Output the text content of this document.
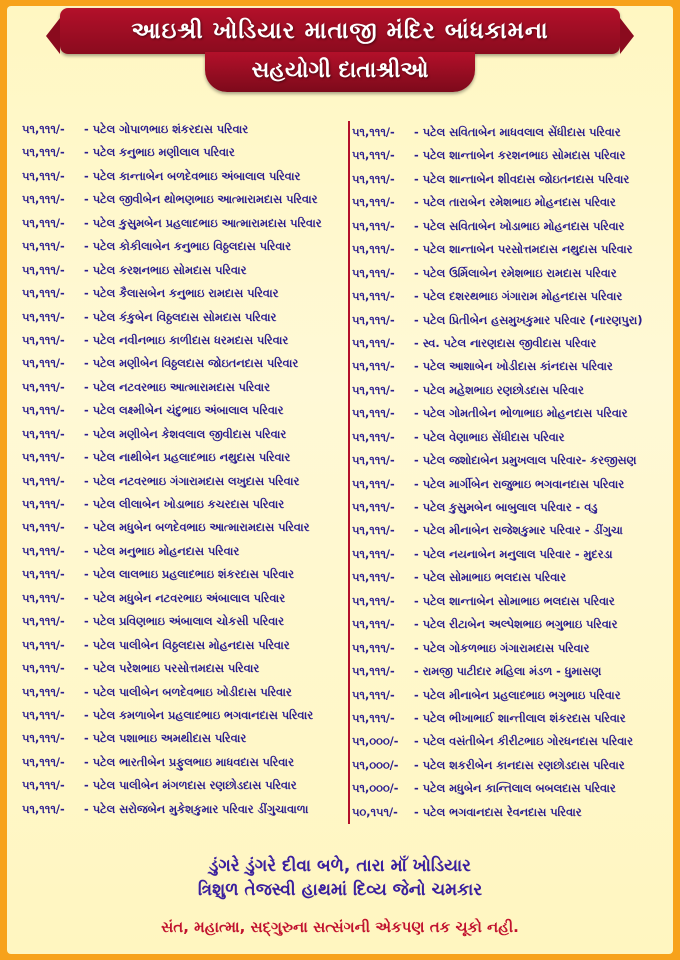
આઇશ્રી ખોડિયાર માતાજી મંદિર બાંધકામના
સહયોગી દાતાશ્રીઓ
૫૧,૧૧૧/- - પટેલ ગોપાળભાઇ શંકરદાસ પરિવાર
૫૧,૧૧૧/- - પટેલ કનુભાઇ મણીલાલ પરિવાર
૫૧,૧૧૧/- - પટેલ કાન્તાબેન બળદેવભાઇ અંબાલાલ પરિવાર
૫૧,૧૧૧/- - પટેલ જીવીબેન થોભણભાઇ આત્મારામદાસ પરિવાર
૫૧,૧૧૧/- - પટેલ કુસુમબેન પ્રહલાદભાઇ આત્મારામદાસ પરિવાર
૫૧,૧૧૧/- - પટેલ કોકીલાબેન કનુભાઇ વિઠ્ઠલદાસ પરિવાર
૫૧,૧૧૧/- - પટેલ કરશનભાઇ સોમદાસ પરિવાર
૫૧,૧૧૧/- - પટેલ કૈલાસબેન કનુભાઇ રામદાસ પરિવાર
૫૧,૧૧૧/- - પટેલ કંકુબેન વિઠ્ઠલદાસ સોમદાસ પરિવાર
૫૧,૧૧૧/- - પટેલ નવીનભાઇ કાળીદાસ ધરમદાસ પરિવાર
૫૧,૧૧૧/- - પટેલ મણીબેન વિઠ્ઠલદાસ જોઇતનદાસ પરિવાર
૫૧,૧૧૧/- - પટેલ નટવરભાઇ આત્મારામદાસ પરિવાર
૫૧,૧૧૧/- - પટેલ લક્ષ્મીબેન ચંદુભાઇ અંબાલાલ પરિવાર
૫૧,૧૧૧/- - પટેલ મણીબેન કેશવલાલ જીવીદાસ પરિવાર
૫૧,૧૧૧/- - પટેલ નાથીબેન પ્રહલાદભાઇ નથુદાસ પરિવાર
૫૧,૧૧૧/- - પટેલ નટવરભાઇ ગંગારામદાસ લખુદાસ પરિવાર
૫૧,૧૧૧/- - પટેલ લીલાબેન ખોડાભાઇ કચરદાસ પરિવાર
૫૧,૧૧૧/- - પટેલ મધુબેન બળદેવભાઇ આત્મારામદાસ પરિવાર
૫૧,૧૧૧/- - પટેલ મનુભાઇ મોહનદાસ પરિવાર
૫૧,૧૧૧/- - પટેલ લાલભાઇ પ્રહલાદભાઇ શંકરદાસ પરિવાર
૫૧,૧૧૧/- - પટેલ મધુબેન નટવરભાઇ અંબાલાલ પરિવાર
૫૧,૧૧૧/- - પટેલ પ્રવિણભાઇ અંબાલાલ ચોકસી પરિવાર
૫૧,૧૧૧/- - પટેલ પાલીબેન વિઠ્ઠલદાસ મોહનદાસ પરિવાર
૫૧,૧૧૧/- - પટેલ પરેશભાઇ પરસોત્તમદાસ પરિવાર
૫૧,૧૧૧/- - પટેલ પાલીબેન બળદેવભાઇ ખોડીદાસ પરિવાર
૫૧,૧૧૧/- - પટેલ કમળાબેન પ્રહલાદભાઇ ભગવાનદાસ પરિવાર
૫૧,૧૧૧/- - પટેલ પશાભાઇ અમથીદાસ પરિવાર
૫૧,૧૧૧/- - પટેલ ભારતીબેન પ્રફુલભાઇ માધવદાસ પરિવાર
૫૧,૧૧૧/- - પટેલ પાલીબેન મંગળદાસ રણછોડદાસ પરિવાર
૫૧,૧૧૧/- - પટેલ સરોજબેન મુકેશકુમાર પરિવાર ડીંગુચાવાળા
૫૧,૧૧૧/- - પટેલ સવિતાબેન માધવલાલ સેંધીદાસ પરિવાર
૫૧,૧૧૧/- - પટેલ શાન્તાબેન કરશનભાઇ સોમદાસ પરિવાર
૫૧,૧૧૧/- - પટેલ શાન્તાબેન શીવદાસ જોઇતનદાસ પરિવાર
૫૧,૧૧૧/- - પટેલ તારાબેન રમેશભાઇ મોહનદાસ પરિવાર
૫૧,૧૧૧/- - પટેલ સવિતાબેન ખોડાભાઇ મોહનદાસ પરિવાર
૫૧,૧૧૧/- - પટેલ શાન્તાબેન પરસોત્તમદાસ નથુદાસ પરિવાર
૫૧,૧૧૧/- - પટેલ ઉર્મિલાબેન રમેશભાઇ રામદાસ પરિવાર
૫૧,૧૧૧/- - પટેલ દશરથભાઇ ગંગારામ મોહનદાસ પરિવાર
૫૧,૧૧૧/- - પટેલ પ્રિતીબેન હસમુખકુમાર પરિવાર (નારણપુરા)
૫૧,૧૧૧/- - સ્વ. પટેલ નારણદાસ જીવીદાસ પરિવાર
૫૧,૧૧૧/- - પટેલ આશાબેન ખોડીદાસ કાંનદાસ પરિવાર
૫૧,૧૧૧/- - પટેલ મહેશભાઇ રણછોડદાસ પરિવાર
૫૧,૧૧૧/- - પટેલ ગોમતીબેન ભોળાભાઇ મોહનદાસ પરિવાર
૫૧,૧૧૧/- - પટેલ વેણાભાઇ સેંધીદાસ પરિવાર
૫૧,૧૧૧/- - પટેલ જશોદાબેન પ્રમુખલાલ પરિવાર- કરજીસણ
૫૧,૧૧૧/- - પટેલ માર્ગીબેન રાજુભાઇ ભગવાનદાસ પરિવાર
૫૧,૧૧૧/- - પટેલ કુસુમબેન બાબુલાલ પરિવાર - વડુ
૫૧,૧૧૧/- - પટેલ મીનાબેન રાજેશકુમાર પરિવાર - ડીંગુચા
૫૧,૧૧૧/- - પટેલ નયનાબેન મનુલાલ પરિવાર - મુદરડા
૫૧,૧૧૧/- - પટેલ સોમાભાઇ ભલદાસ પરિવાર
૫૧,૧૧૧/- - પટેલ શાન્તાબેન સોમાભાઇ ભલદાસ પરિવાર
૫૧,૧૧૧/- - પટેલ રીટાબેન અલ્પેશભાઇ ભગુભાઇ પરિવાર
૫૧,૧૧૧/- - પટેલ ગોકળભાઇ ગંગારામદાસ પરિવાર
૫૧,૧૧૧/- - રામજી પાટીદાર મહિલા મંડળ - ધુમાસણ
૫૧,૧૧૧/- - પટેલ મીનાબેન પ્રહલાદભાઇ ભગુભાઇ પરિવાર
૫૧,૧૧૧/- - પટેલ ભીખાભાઈ શાન્તીલાલ શંકરદાસ પરિવાર
૫૧,૦૦૦/- - પટેલ વસંતીબેન કીરીટભાઇ ગોરધનદાસ પરિવાર
૫૧,૦૦૦/- - પટેલ શકરીબેન કાનદાસ રણછોડદાસ પરિવાર
૫૧,૦૦૦/- - પટેલ મધુબેન કાન્તિલાલ બબલદાસ પરિવાર
૫૦,૧૫૧/- - પટેલ ભગવાનદાસ રેવનદાસ પરિવાર
ડુંગરે ડુંગરે દીવા બળે, તારા માઁ ખોડિયાર
ત્રિશુળ તેજસ્વી હાથમાં દિવ્ય જેનો ચમકાર
સંત, મહાત્મા, સદ્ગુરુના સત્સંગની એકપણ તક ચૂકો નહી.
